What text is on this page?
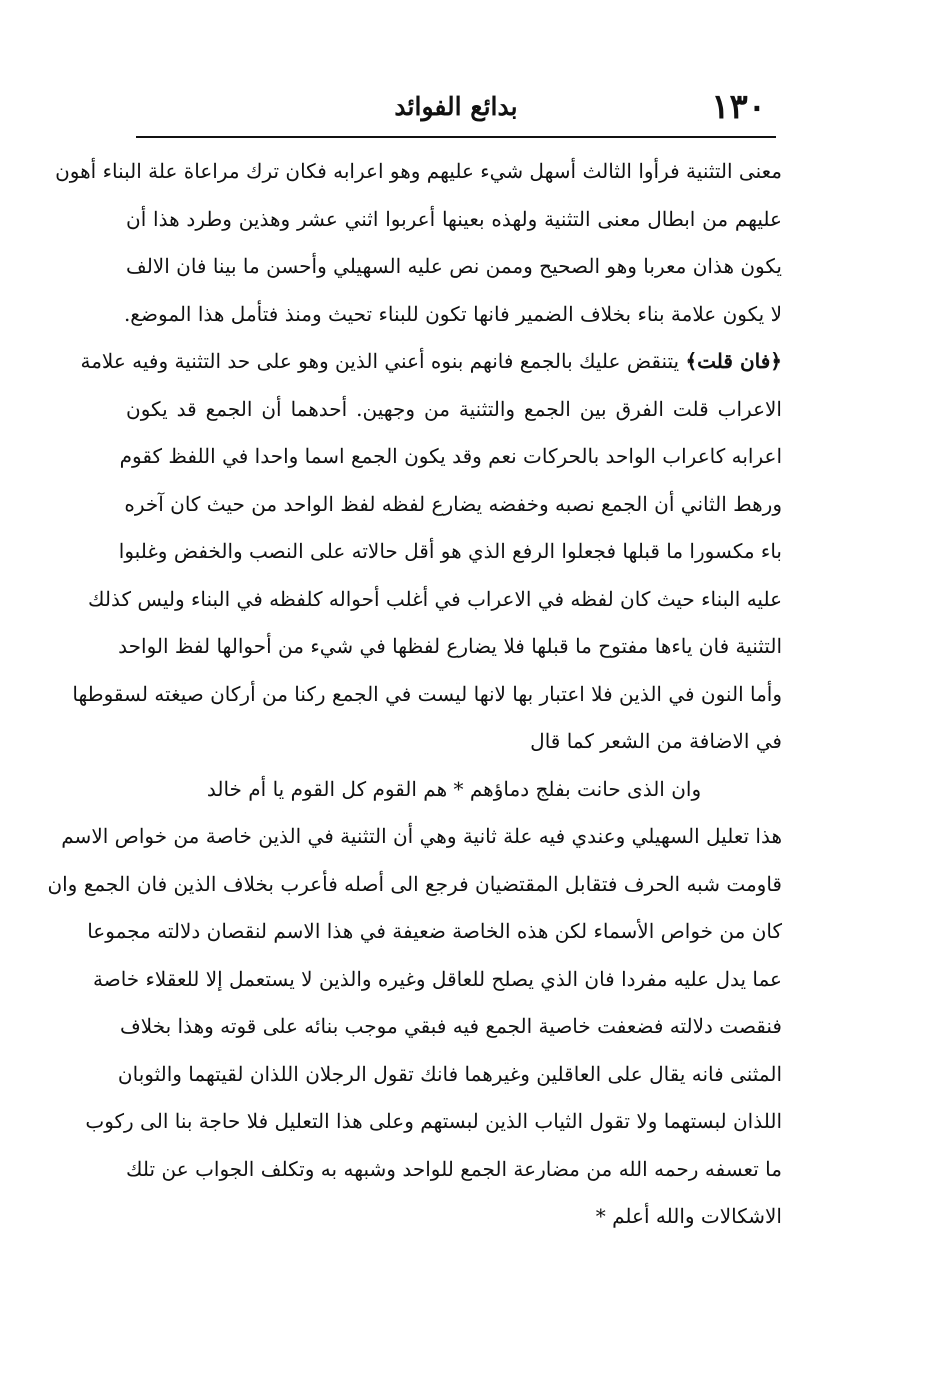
١٣٠
بدائع الفوائد
معنى التثنية فرأوا الثالث أسهل شيء عليهم وهو اعرابه فكان ترك مراعاة علة البناء أهون
عليهم من ابطال معنى التثنية ولهذه بعينها أعربوا اثني عشر وهذين وطرد هذا أن
يكون هذان معربا وهو الصحيح وممن نص عليه السهيلي وأحسن ما بينا فان الالف
لا يكون علامة بناء بخلاف الضمير فانها تكون للبناء تحيث ومنذ فتأمل هذا الموضع.
﴿فان قلت﴾ يتنقض عليك بالجمع فانهم بنوه أعني الذين وهو على حد التثنية وفيه علامة
الاعراب قلت الفرق بين الجمع والتثنية من وجهين. أحدهما أن الجمع قد يكون
اعرابه كاعراب الواحد بالحركات نعم وقد يكون الجمع اسما واحدا في اللفظ كقوم
ورهط الثاني أن الجمع نصبه وخفضه يضارع لفظه لفظ الواحد من حيث كان آخره
باء مكسورا ما قبلها فجعلوا الرفع الذي هو أقل حالاته على النصب والخفض وغلبوا
عليه البناء حيث كان لفظه في الاعراب في أغلب أحواله كلفظه في البناء وليس كذلك
التثنية فان ياءها مفتوح ما قبلها فلا يضارع لفظها في شيء من أحوالها لفظ الواحد
وأما النون في الذين فلا اعتبار بها لانها ليست في الجمع ركنا من أركان صيغته لسقوطها
في الاضافة من الشعر كما قال
وان الذى حانت بفلج دماؤهم * هم القوم كل القوم يا أم خالد
هذا تعليل السهيلي وعندي فيه علة ثانية وهي أن التثنية في الذين خاصة من خواص الاسم
قاومت شبه الحرف فتقابل المقتضيان فرجع الى أصله فأعرب بخلاف الذين فان الجمع وان
كان من خواص الأسماء لكن هذه الخاصة ضعيفة في هذا الاسم لنقصان دلالته مجموعا
عما يدل عليه مفردا فان الذي يصلح للعاقل وغيره والذين لا يستعمل إلا للعقلاء خاصة
فنقصت دلالته فضعفت خاصية الجمع فيه فبقي موجب بنائه على قوته وهذا بخلاف
المثنى فانه يقال على العاقلين وغيرهما فانك تقول الرجلان اللذان لقيتهما والثوبان
اللذان لبستهما ولا تقول الثياب الذين لبستهم وعلى هذا التعليل فلا حاجة بنا الى ركوب
ما تعسفه رحمه الله من مضارعة الجمع للواحد وشبهه به وتكلف الجواب عن تلك
الاشكالات والله أعلم *
